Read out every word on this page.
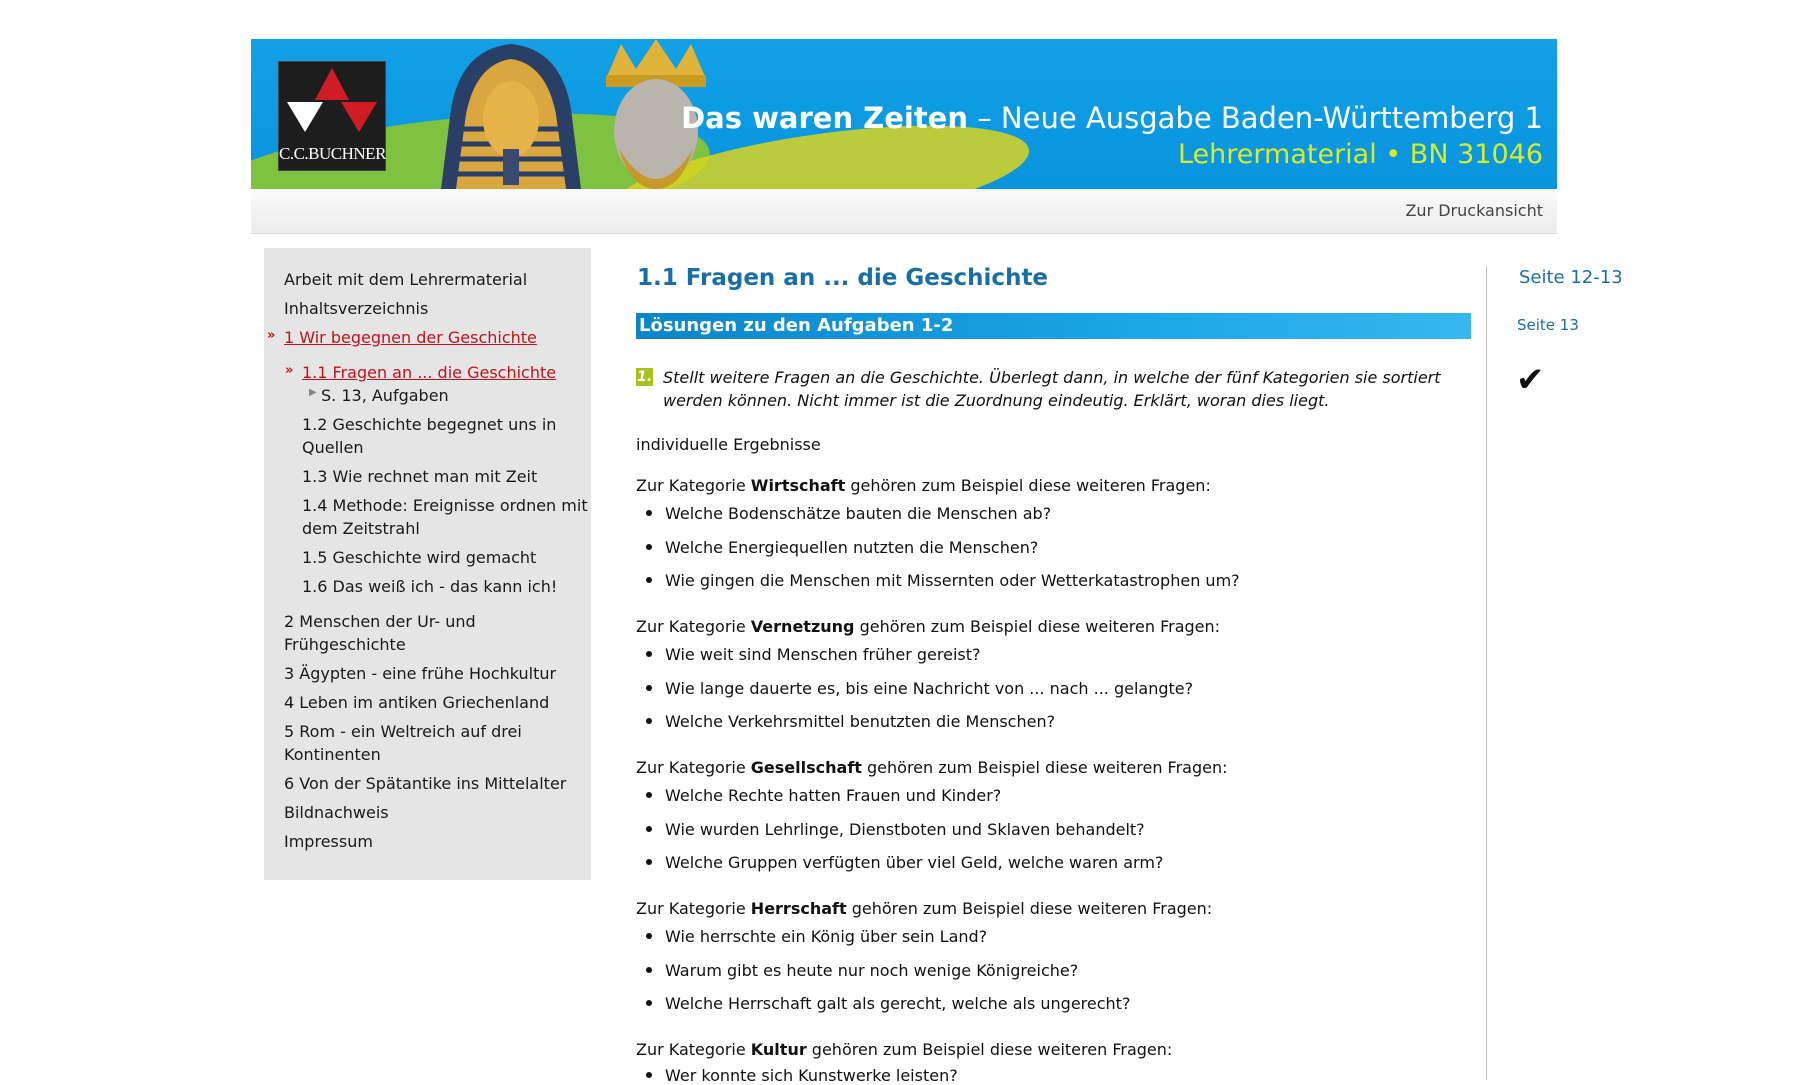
C.C.BUCHNER
Das waren Zeiten – Neue Ausgabe Baden-Württemberg 1
Lehrermaterial • BN 31046
Zur Druckansicht
Arbeit mit dem Lehrermaterial
Inhaltsverzeichnis
» 1 Wir begegnen der Geschichte
» 1.1 Fragen an ... die Geschichte
▶ S. 13, Aufgaben
1.2 Geschichte begegnet uns in Quellen
1.3 Wie rechnet man mit Zeit
1.4 Methode: Ereignisse ordnen mit dem Zeitstrahl
1.5 Geschichte wird gemacht
1.6 Das weiß ich - das kann ich!
2 Menschen der Ur- und Frühgeschichte
3 Ägypten - eine frühe Hochkultur
4 Leben im antiken Griechenland
5 Rom - ein Weltreich auf drei Kontinenten
6 Von der Spätantike ins Mittelalter
Bildnachweis
Impressum
1.1 Fragen an ... die Geschichte
Lösungen zu den Aufgaben 1-2
1. Stellt weitere Fragen an die Geschichte. Überlegt dann, in welche der fünf Kategorien sie sortiert werden können. Nicht immer ist die Zuordnung eindeutig. Erklärt, woran dies liegt.
individuelle Ergebnisse
Zur Kategorie Wirtschaft gehören zum Beispiel diese weiteren Fragen:
Welche Bodenschätze bauten die Menschen ab?
Welche Energiequellen nutzten die Menschen?
Wie gingen die Menschen mit Missernten oder Wetterkatastrophen um?
Zur Kategorie Vernetzung gehören zum Beispiel diese weiteren Fragen:
Wie weit sind Menschen früher gereist?
Wie lange dauerte es, bis eine Nachricht von ... nach ... gelangte?
Welche Verkehrsmittel benutzten die Menschen?
Zur Kategorie Gesellschaft gehören zum Beispiel diese weiteren Fragen:
Welche Rechte hatten Frauen und Kinder?
Wie wurden Lehrlinge, Dienstboten und Sklaven behandelt?
Welche Gruppen verfügten über viel Geld, welche waren arm?
Zur Kategorie Herrschaft gehören zum Beispiel diese weiteren Fragen:
Wie herrschte ein König über sein Land?
Warum gibt es heute nur noch wenige Königreiche?
Welche Herrschaft galt als gerecht, welche als ungerecht?
Zur Kategorie Kultur gehören zum Beispiel diese weiteren Fragen:
Wer konnte sich Kunstwerke leisten?
Seite 12-13
Seite 13
✔
